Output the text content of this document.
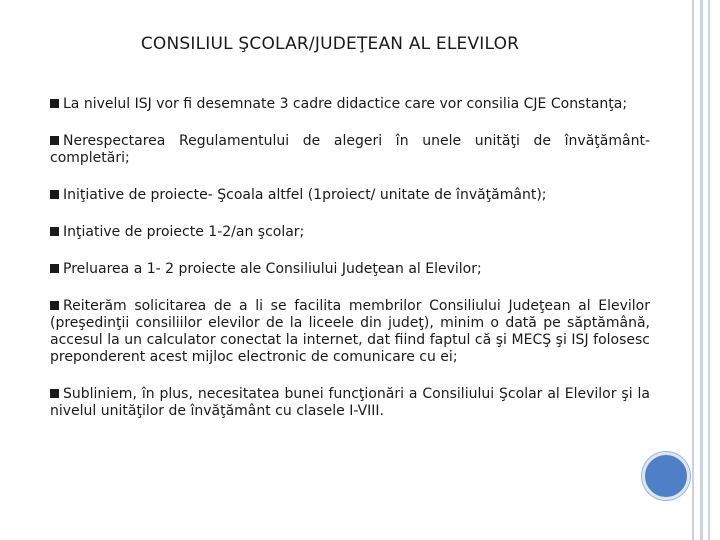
CONSILIUL ŞCOLAR/JUDEŢEAN AL ELEVILOR

La nivelul ISJ vor fi desemnate 3 cadre didactice care vor consilia CJE Constanţa;

Nerespectarea Regulamentului de alegeri în unele unităţi de învăţământ- completări;

Iniţiative de proiecte- Şcoala altfel (1proiect/ unitate de învăţământ);

Inţiative de proiecte 1-2/an şcolar;

Preluarea a 1- 2 proiecte ale Consiliului Judeţean al Elevilor;

Reiterăm solicitarea de a li se facilita membrilor Consiliului Judeţean al Elevilor (preşedinţii consiliilor elevilor de la liceele din judeţ), minim o dată pe săptămână, accesul la un calculator conectat la internet, dat fiind faptul că şi MECŞ şi ISJ folosesc preponderent acest mijloc electronic de comunicare cu ei;

Subliniem, în plus, necesitatea bunei funcţionări a Consiliului Şcolar al Elevilor şi la nivelul unităţilor de învăţământ cu clasele I-VIII.
